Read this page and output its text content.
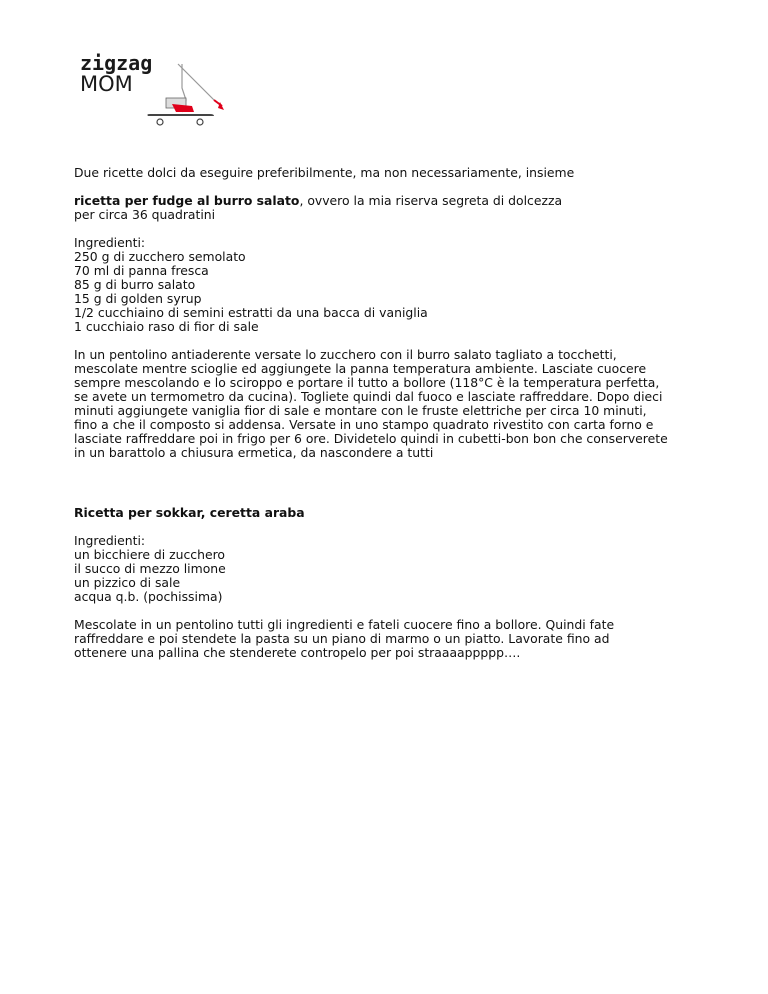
zigzag
MOM

Due ricette dolci da eseguire preferibilmente, ma non necessariamente, insieme

ricetta per fudge al burro salato, ovvero la mia riserva segreta di dolcezza

per circa 36 quadratini

Ingredienti:

250 g di zucchero semolato

70 ml di panna fresca

85 g di burro salato

15 g di golden syrup

1/2 cucchiaino di semini estratti da una bacca di vaniglia

1 cucchiaio raso di fior di sale

In un pentolino antiaderente versate lo zucchero con il burro salato tagliato a tocchetti,

mescolate mentre scioglie ed aggiungete la panna temperatura ambiente. Lasciate cuocere

sempre mescolando e lo sciroppo e portare il tutto a bollore (118°C è la temperatura perfetta,

se avete un termometro da cucina). Togliete quindi dal fuoco e lasciate raffreddare. Dopo dieci

minuti aggiungete vaniglia fior di sale e montare con le fruste elettriche per circa 10 minuti,

fino a che il composto si addensa. Versate in uno stampo quadrato rivestito con carta forno e

lasciate raffreddare poi in frigo per 6 ore. Dividetelo quindi in cubetti-bon bon che conserverete

in un barattolo a chiusura ermetica, da nascondere a tutti

Ricetta per sokkar, ceretta araba

Ingredienti:

un bicchiere di zucchero

il succo di mezzo limone

un pizzico di sale

acqua q.b. (pochissima)

Mescolate in un pentolino tutti gli ingredienti e fateli cuocere fino a bollore. Quindi fate

raffreddare e poi stendete la pasta su un piano di marmo o un piatto. Lavorate fino ad

ottenere una pallina che stenderete contropelo per poi straaaappppp….
